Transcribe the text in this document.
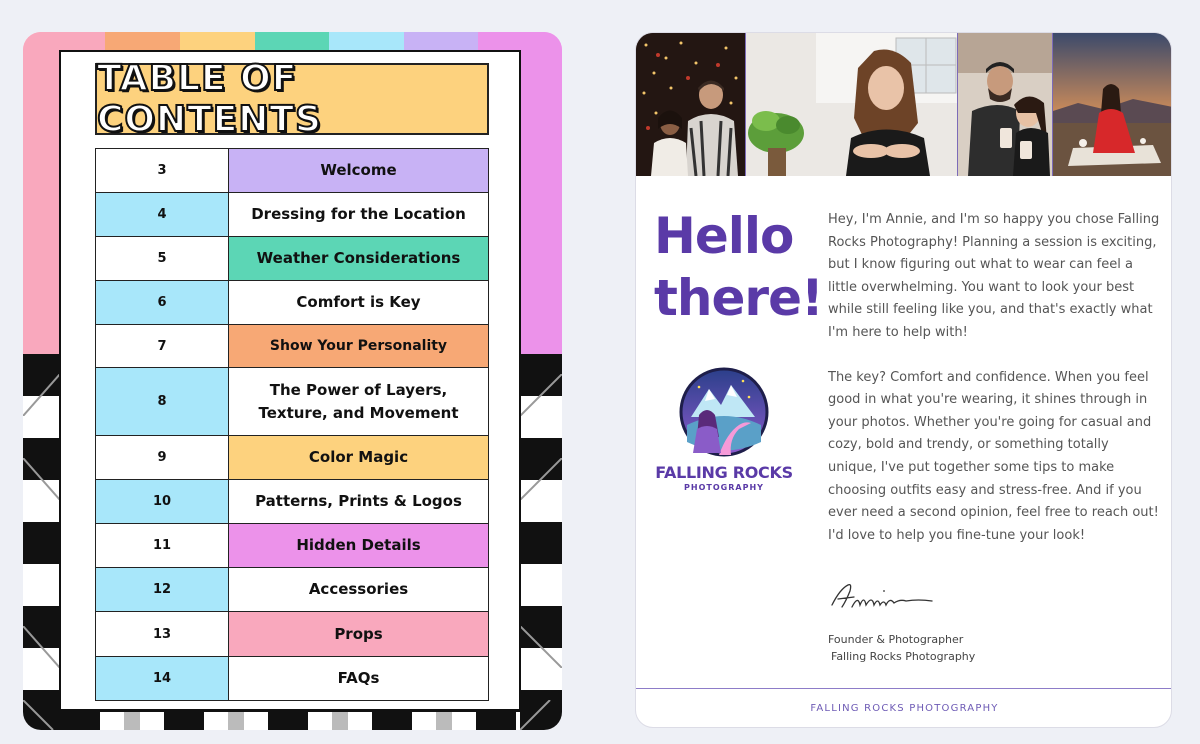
TABLE OF CONTENTS
3	Welcome
4	Dressing for the Location
5	Weather Considerations
6	Comfort is Key
7	Show Your Personality
8	The Power of Layers, Texture, and Movement
9	Color Magic
10	Patterns, Prints & Logos
11	Hidden Details
12	Accessories
13	Props
14	FAQs
Hello
there!
FALLING ROCKS
PHOTOGRAPHY

Hey, I'm Annie, and I'm so happy you chose Falling Rocks Photography! Planning a session is exciting, but I know figuring out what to wear can feel a little overwhelming. You want to look your best while still feeling like you, and that's exactly what I'm here to help with!

The key? Comfort and confidence. When you feel good in what you're wearing, it shines through in your photos. Whether you're going for casual and cozy, bold and trendy, or something totally unique, I've put together some tips to make choosing outfits easy and stress-free. And if you ever need a second opinion, feel free to reach out! I'd love to help you fine-tune your look!

Founder & Photographer
Falling Rocks Photography
FALLING ROCKS PHOTOGRAPHY
